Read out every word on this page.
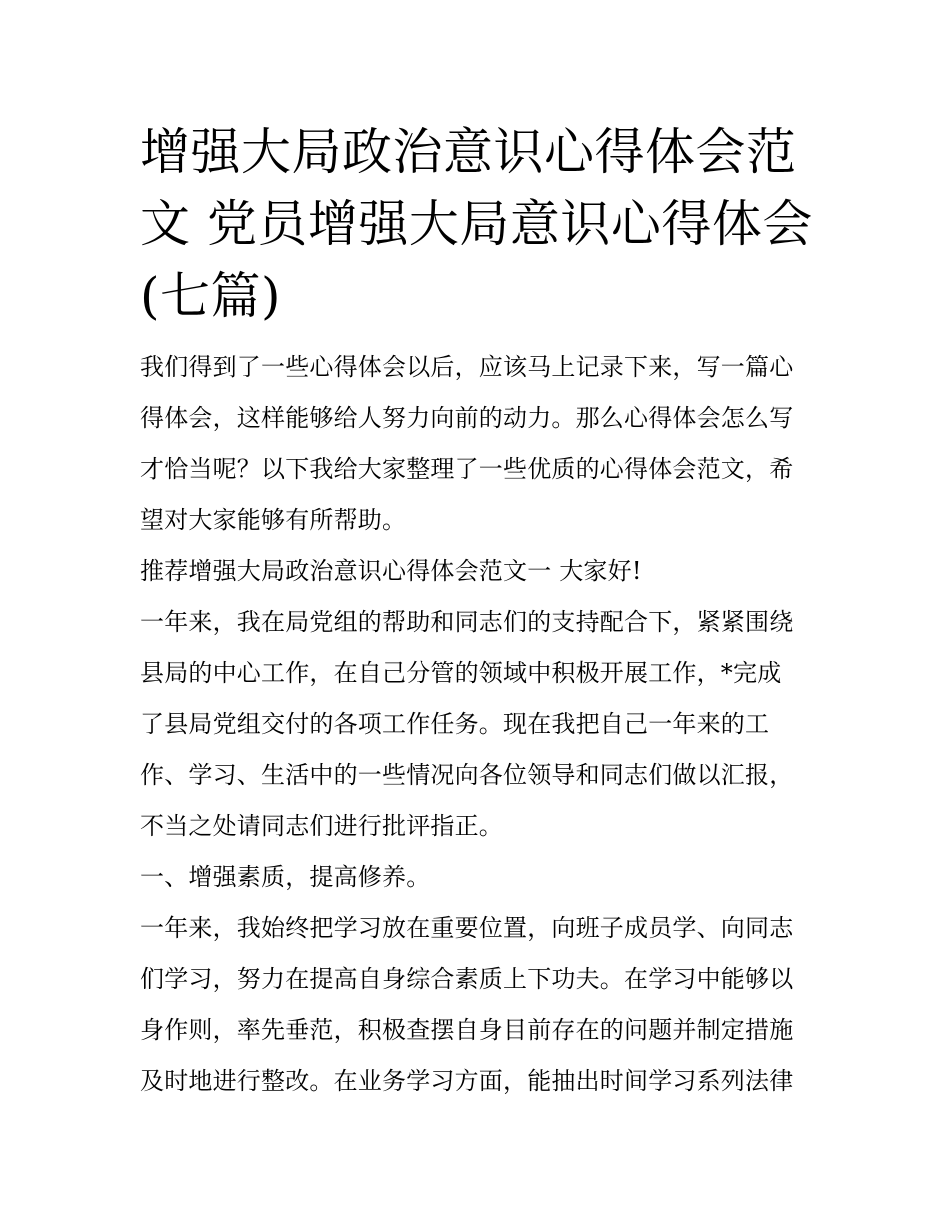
增强大局政治意识心得体会范
文 党员增强大局意识心得体会
(七篇)

我们得到了一些心得体会以后，应该马上记录下来，写一篇心
得体会，这样能够给人努力向前的动力。那么心得体会怎么写
才恰当呢？以下我给大家整理了一些优质的心得体会范文，希
望对大家能够有所帮助。

推荐增强大局政治意识心得体会范文一 大家好!

一年来，我在局党组的帮助和同志们的支持配合下，紧紧围绕
县局的中心工作，在自己分管的领域中积极开展工作，*完成
了县局党组交付的各项工作任务。现在我把自己一年来的工
作、学习、生活中的一些情况向各位领导和同志们做以汇报，
不当之处请同志们进行批评指正。

一、增强素质，提高修养。

一年来，我始终把学习放在重要位置，向班子成员学、向同志
们学习，努力在提高自身综合素质上下功夫。在学习中能够以
身作则，率先垂范，积极查摆自身目前存在的问题并制定措施
及时地进行整改。在业务学习方面，能抽出时间学习系列法律
